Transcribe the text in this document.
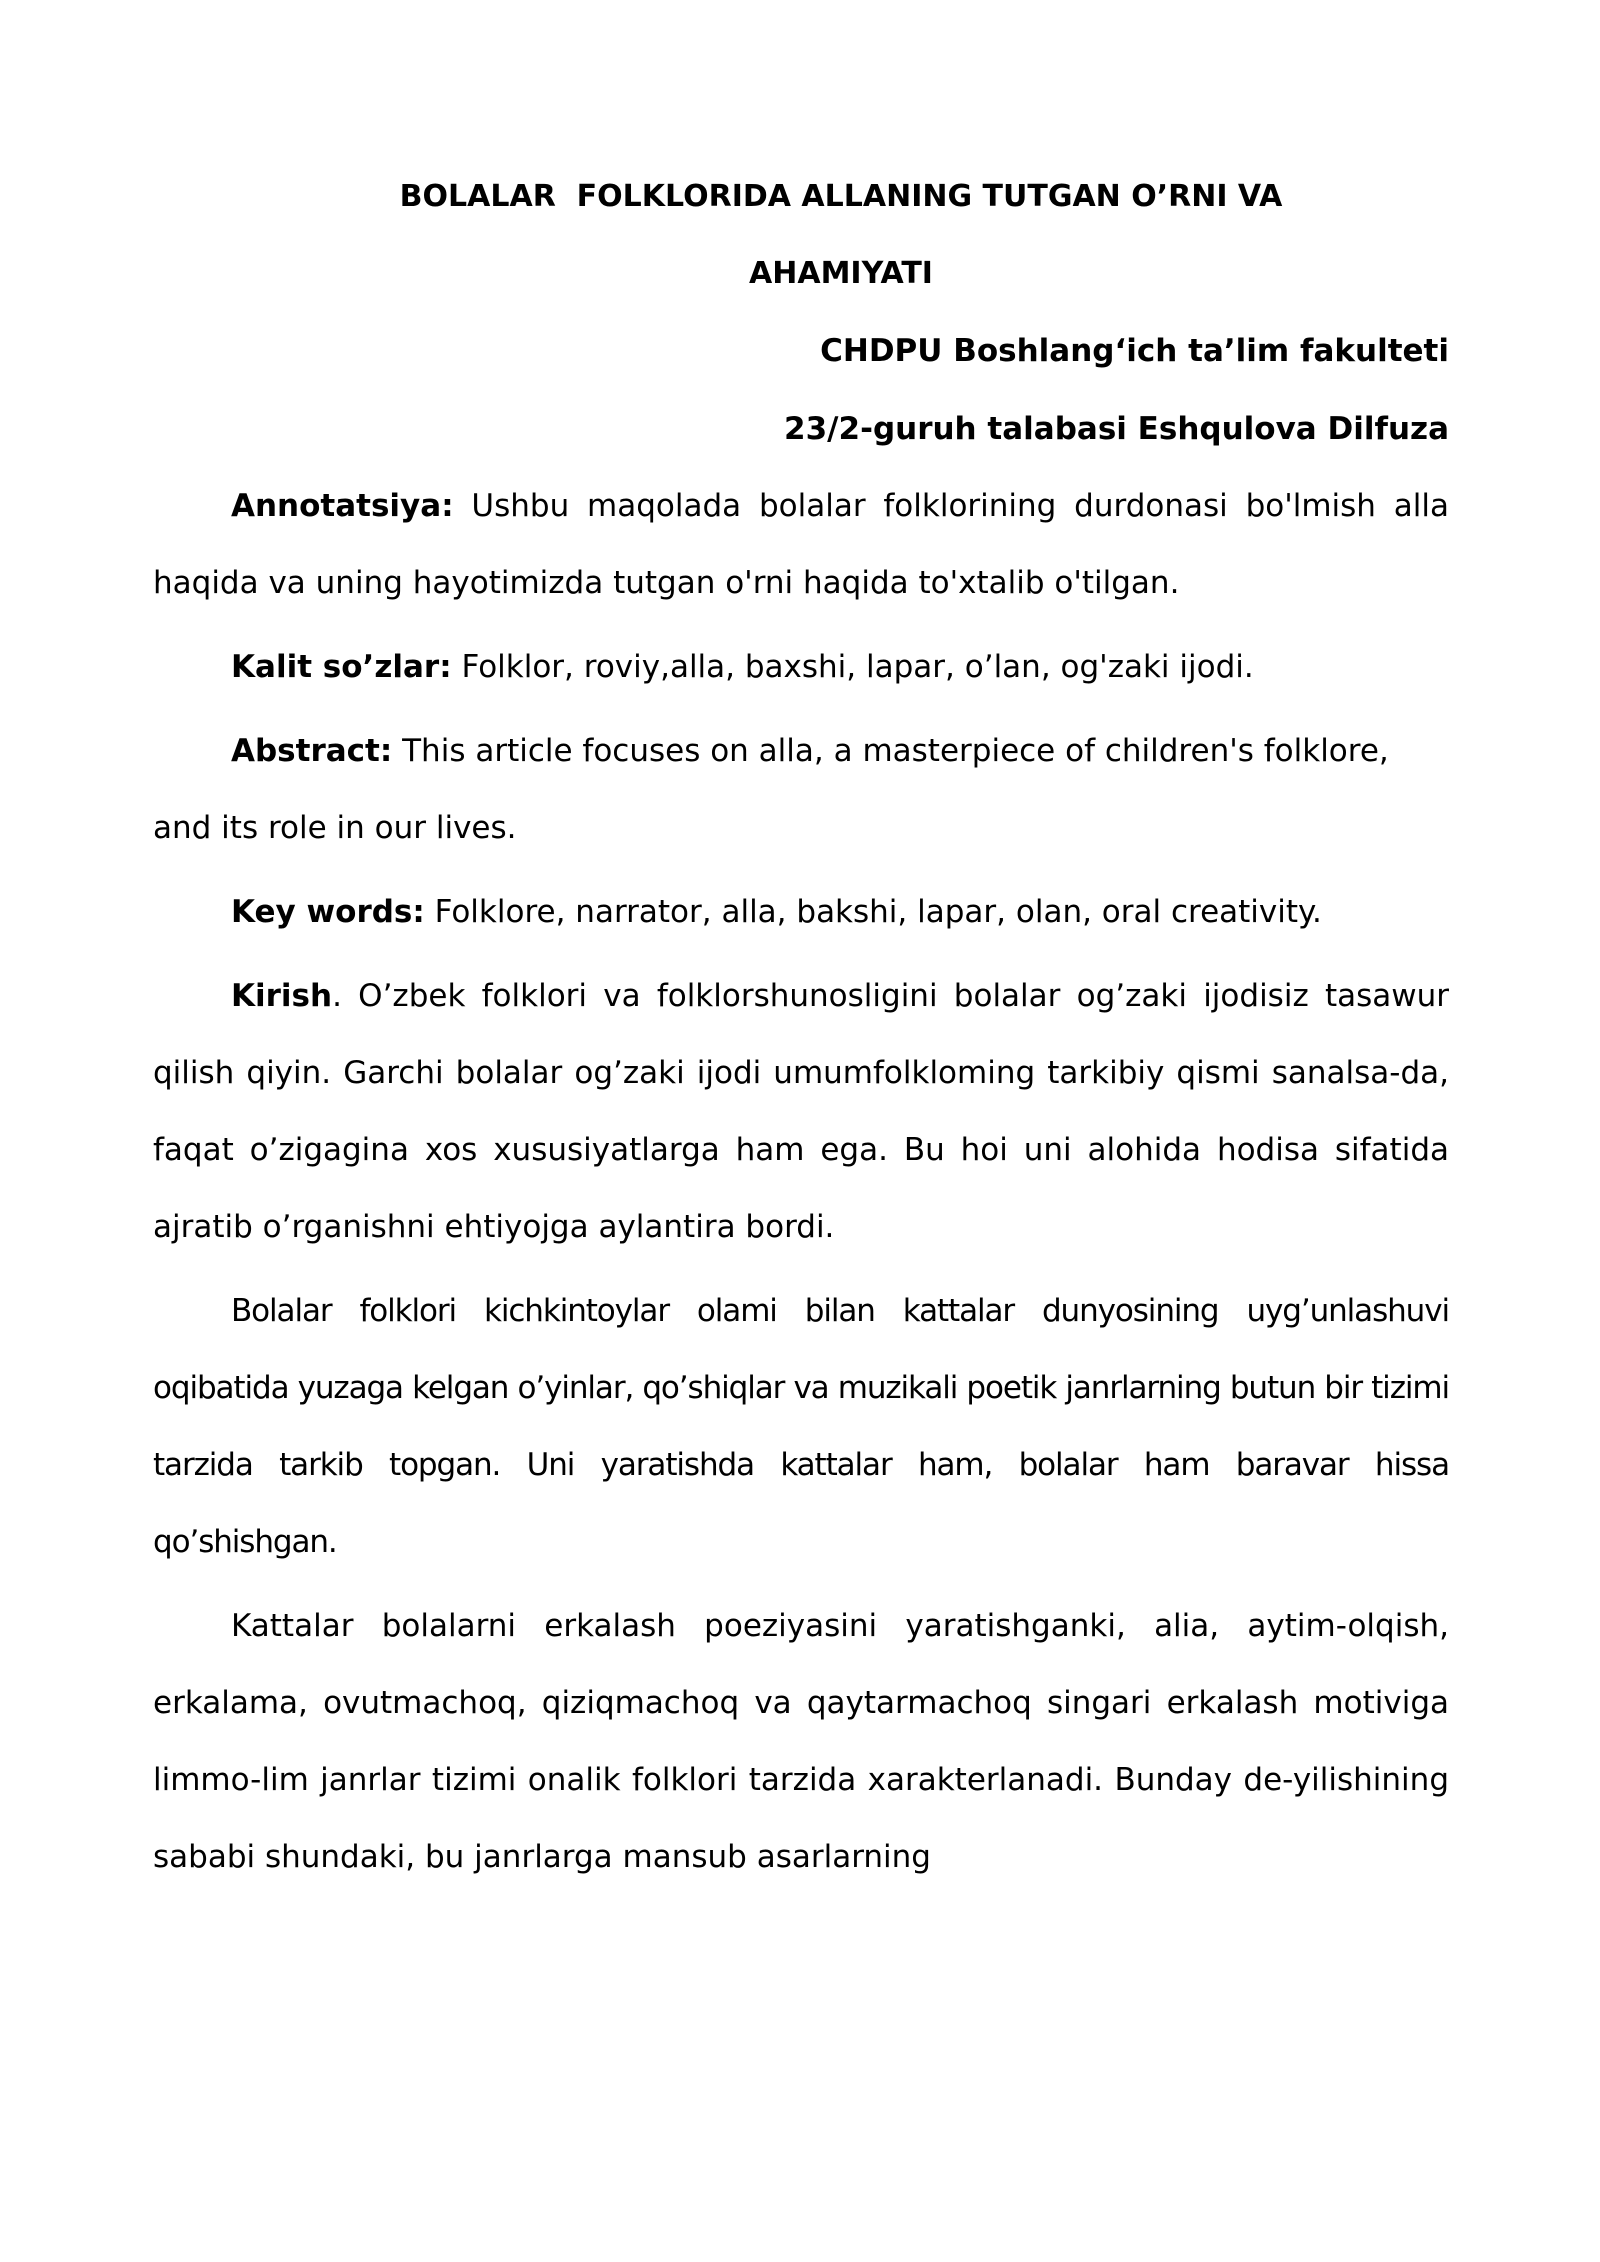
BOLALAR  FOLKLORIDA ALLANING TUTGAN O’RNI VA

AHAMIYATI

CHDPU Boshlang‘ich ta’lim fakulteti

23/2-guruh talabasi Eshqulova Dilfuza

Annotatsiya: Ushbu maqolada bolalar folklorining durdonasi bo'lmish alla haqida va uning hayotimizda tutgan o'rni haqida to'xtalib o'tilgan.

Kalit so’zlar: Folklor, roviy,alla, baxshi, lapar, o’lan, og'zaki ijodi.

Abstract: This article focuses on alla, a masterpiece of children's folklore, and its role in our lives.

Key words: Folklore, narrator, alla, bakshi, lapar, olan, oral creativity.

Kirish. O’zbek folklori va folklorshunosligini bolalar og’zaki ijodisiz tasawur qilish qiyin. Garchi bolalar og’zaki ijodi umumfolkloming tarkibiy qismi sanalsa-da, faqat o’zigagina xos xususiyatlarga ham ega. Bu hoi uni alohida hodisa sifatida ajratib o’rganishni ehtiyojga aylantira bordi.

Bolalar folklori kichkintoylar olami bilan kattalar dunyosining uyg’unlashuvi oqibatida yuzaga kelgan o’yinlar, qo’shiqlar va muzikali poetik janrlarning butun bir tizimi tarzida tarkib topgan. Uni yaratishda kattalar ham, bolalar ham baravar hissa qo’shishgan.

Kattalar bolalarni erkalash poeziyasini yaratishganki, alia, aytim-olqish, erkalama, ovutmachoq, qiziqmachoq va qaytarmachoq singari erkalash motiviga limmo-lim janrlar tizimi onalik folklori tarzida xarakterlanadi. Bunday de-yilishining sababi shundaki, bu janrlarga mansub asarlarning
